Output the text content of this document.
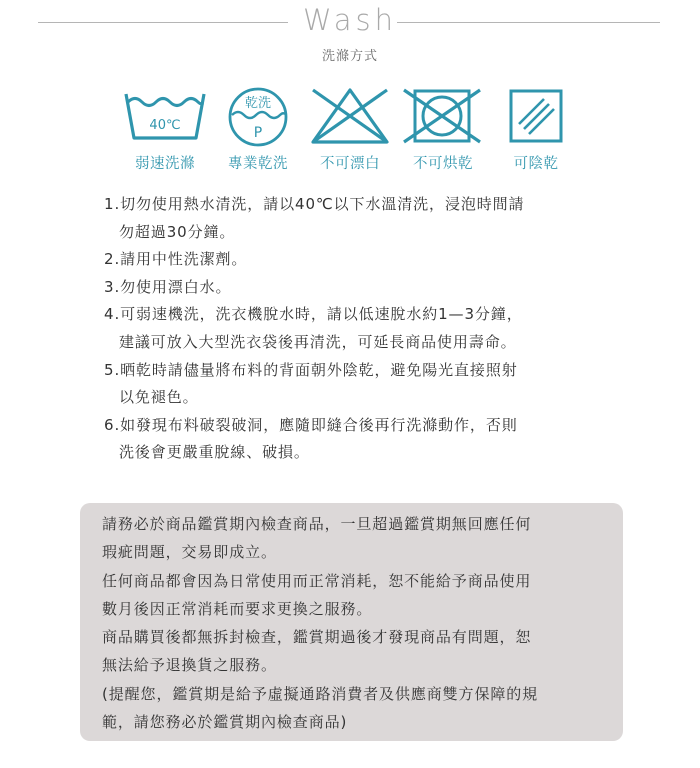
Wash
洗滌方式
40℃
弱速洗滌
乾洗
P
專業乾洗	不可漂白	不可烘乾	可陰乾
1.切勿使用熱水清洗，請以40℃以下水溫清洗，浸泡時間請
勿超過30分鐘。
2.請用中性洗潔劑。
3.勿使用漂白水。
4.可弱速機洗，洗衣機脫水時，請以低速脫水約1—3分鐘，
建議可放入大型洗衣袋後再清洗，可延長商品使用壽命。
5.晒乾時請儘量將布料的背面朝外陰乾，避免陽光直接照射
以免褪色。
6.如發現布料破裂破洞，應隨即縫合後再行洗滌動作，否則
洗後會更嚴重脫線、破損。

請務必於商品鑑賞期內檢查商品，一旦超過鑑賞期無回應任何

瑕疵問題，交易即成立。

任何商品都會因為日常使用而正常消耗，恕不能給予商品使用

數月後因正常消耗而要求更換之服務。

商品購買後都無拆封檢查，鑑賞期過後才發現商品有問題，恕

無法給予退換貨之服務。

(提醒您，鑑賞期是給予虛擬通路消費者及供應商雙方保障的規

範，請您務必於鑑賞期內檢查商品)
